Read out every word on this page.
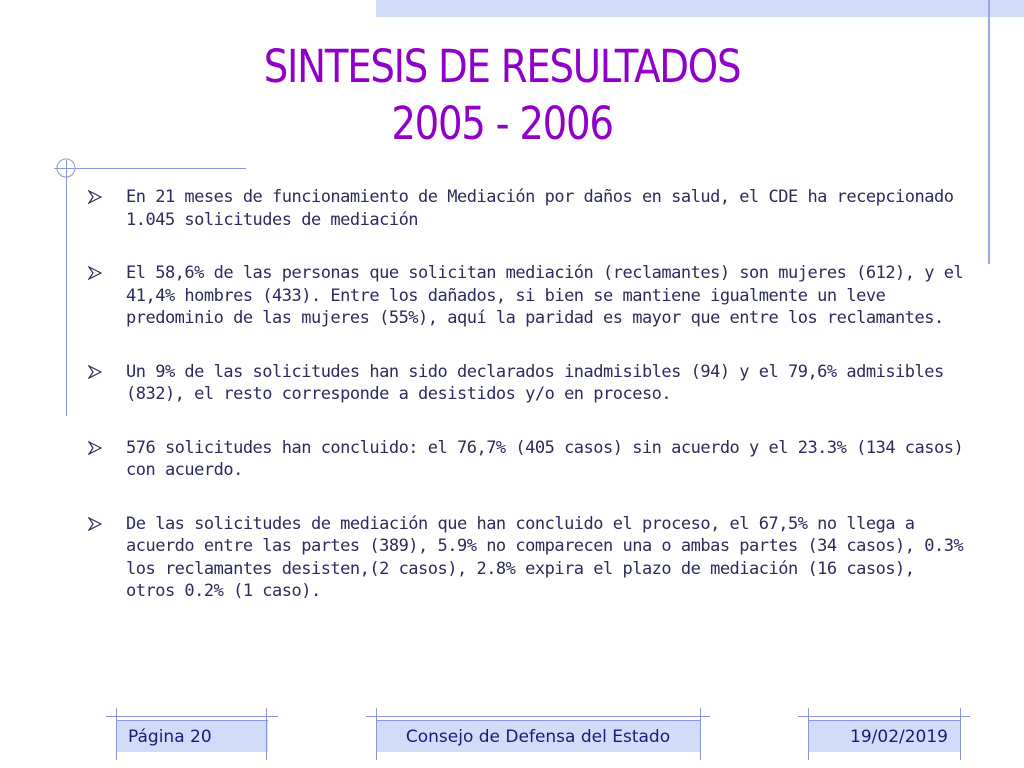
SINTESIS DE RESULTADOS
2005 - 2006
En 21 meses de funcionamiento de Mediación por daños en salud, el CDE ha recepcionado 1.045 solicitudes de mediación
El 58,6% de las personas que solicitan mediación (reclamantes) son mujeres (612), y el 41,4% hombres (433). Entre los dañados, si bien se mantiene igualmente un leve predominio de las mujeres (55%), aquí la paridad es mayor que entre los reclamantes.
Un 9% de las solicitudes han sido declarados inadmisibles (94) y el 79,6% admisibles (832), el resto corresponde a desistidos y/o en proceso.
576 solicitudes han concluido: el 76,7% (405 casos) sin acuerdo y el 23.3% (134 casos) con acuerdo.
De las solicitudes de mediación que han concluido el proceso, el 67,5% no llega a acuerdo entre las partes (389), 5.9% no comparecen una o ambas partes (34 casos), 0.3% los reclamantes desisten,(2 casos), 2.8% expira el plazo de mediación (16 casos), otros 0.2% (1 caso).
Página 20	Consejo de Defensa del Estado	19/02/2019
